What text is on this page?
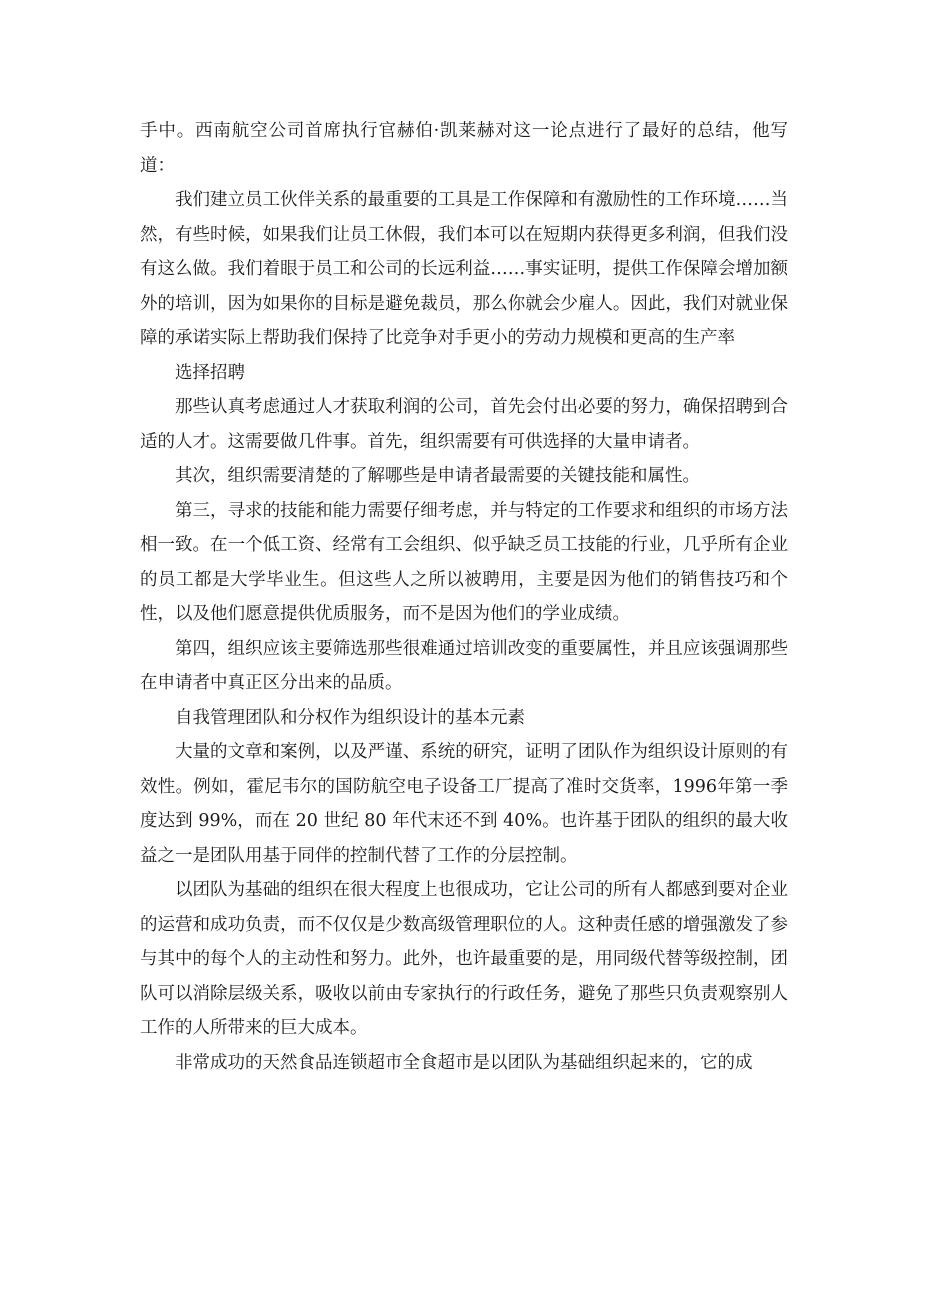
手中。西南航空公司首席执行官赫伯·凯莱赫对这一论点进行了最好的总结，他写道：

我们建立员工伙伴关系的最重要的工具是工作保障和有激励性的工作环境……当然，有些时候，如果我们让员工休假，我们本可以在短期内获得更多利润，但我们没有这么做。我们着眼于员工和公司的长远利益……事实证明，提供工作保障会增加额外的培训，因为如果你的目标是避免裁员，那么你就会少雇人。因此，我们对就业保障的承诺实际上帮助我们保持了比竞争对手更小的劳动力规模和更高的生产率

选择招聘

那些认真考虑通过人才获取利润的公司，首先会付出必要的努力，确保招聘到合适的人才。这需要做几件事。首先，组织需要有可供选择的大量申请者。

其次，组织需要清楚的了解哪些是申请者最需要的关键技能和属性。

第三，寻求的技能和能力需要仔细考虑，并与特定的工作要求和组织的市场方法相一致。在一个低工资、经常有工会组织、似乎缺乏员工技能的行业，几乎所有企业的员工都是大学毕业生。但这些人之所以被聘用，主要是因为他们的销售技巧和个性，以及他们愿意提供优质服务，而不是因为他们的学业成绩。

第四，组织应该主要筛选那些很难通过培训改变的重要属性，并且应该强调那些在申请者中真正区分出来的品质。

自我管理团队和分权作为组织设计的基本元素

大量的文章和案例，以及严谨、系统的研究，证明了团队作为组织设计原则的有效性。例如，霍尼韦尔的国防航空电子设备工厂提高了准时交货率，1996年第一季度达到 99%，而在 20 世纪 80 年代末还不到 40%。也许基于团队的组织的最大收益之一是团队用基于同伴的控制代替了工作的分层控制。

以团队为基础的组织在很大程度上也很成功，它让公司的所有人都感到要对企业的运营和成功负责，而不仅仅是少数高级管理职位的人。这种责任感的增强激发了参与其中的每个人的主动性和努力。此外，也许最重要的是，用同级代替等级控制，团队可以消除层级关系，吸收以前由专家执行的行政任务，避免了那些只负责观察别人工作的人所带来的巨大成本。

非常成功的天然食品连锁超市全食超市是以团队为基础组织起来的，它的成
